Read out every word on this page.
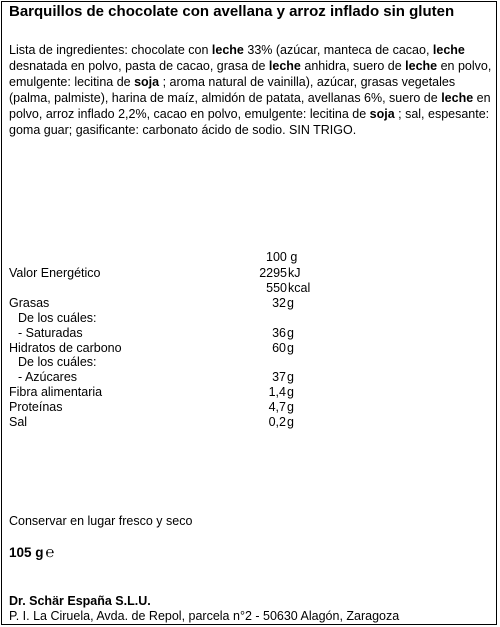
Barquillos de chocolate con avellana y arroz inflado sin gluten
Lista de ingredientes: chocolate con leche 33% (azúcar, manteca de cacao, leche desnatada en polvo, pasta de cacao, grasa de leche anhidra, suero de leche en polvo, emulgente: lecitina de soja ; aroma natural de vainilla), azúcar, grasas vegetales (palma, palmiste), harina de maíz, almidón de patata, avellanas 6%, suero de leche en polvo, arroz inflado 2,2%, cacao en polvo, emulgente: lecitina de soja ; sal, espesante: goma guar; gasificante: carbonato ácido de sodio. SIN TRIGO.
100 g
Valor Energético	2295 kJ
550 kcal
Grasas	32 g
De los cuáles:
- Saturadas	36 g
Hidratos de carbono	60 g
De los cuáles:
- Azúcares	37 g
Fibra alimentaria	1,4 g
Proteínas	4,7 g
Sal	0,2 g
Conservar en lugar fresco y seco
105 g ℮
Dr. Schär España S.L.U.
P. I. La Ciruela, Avda. de Repol, parcela n°2 - 50630 Alagón, Zaragoza
